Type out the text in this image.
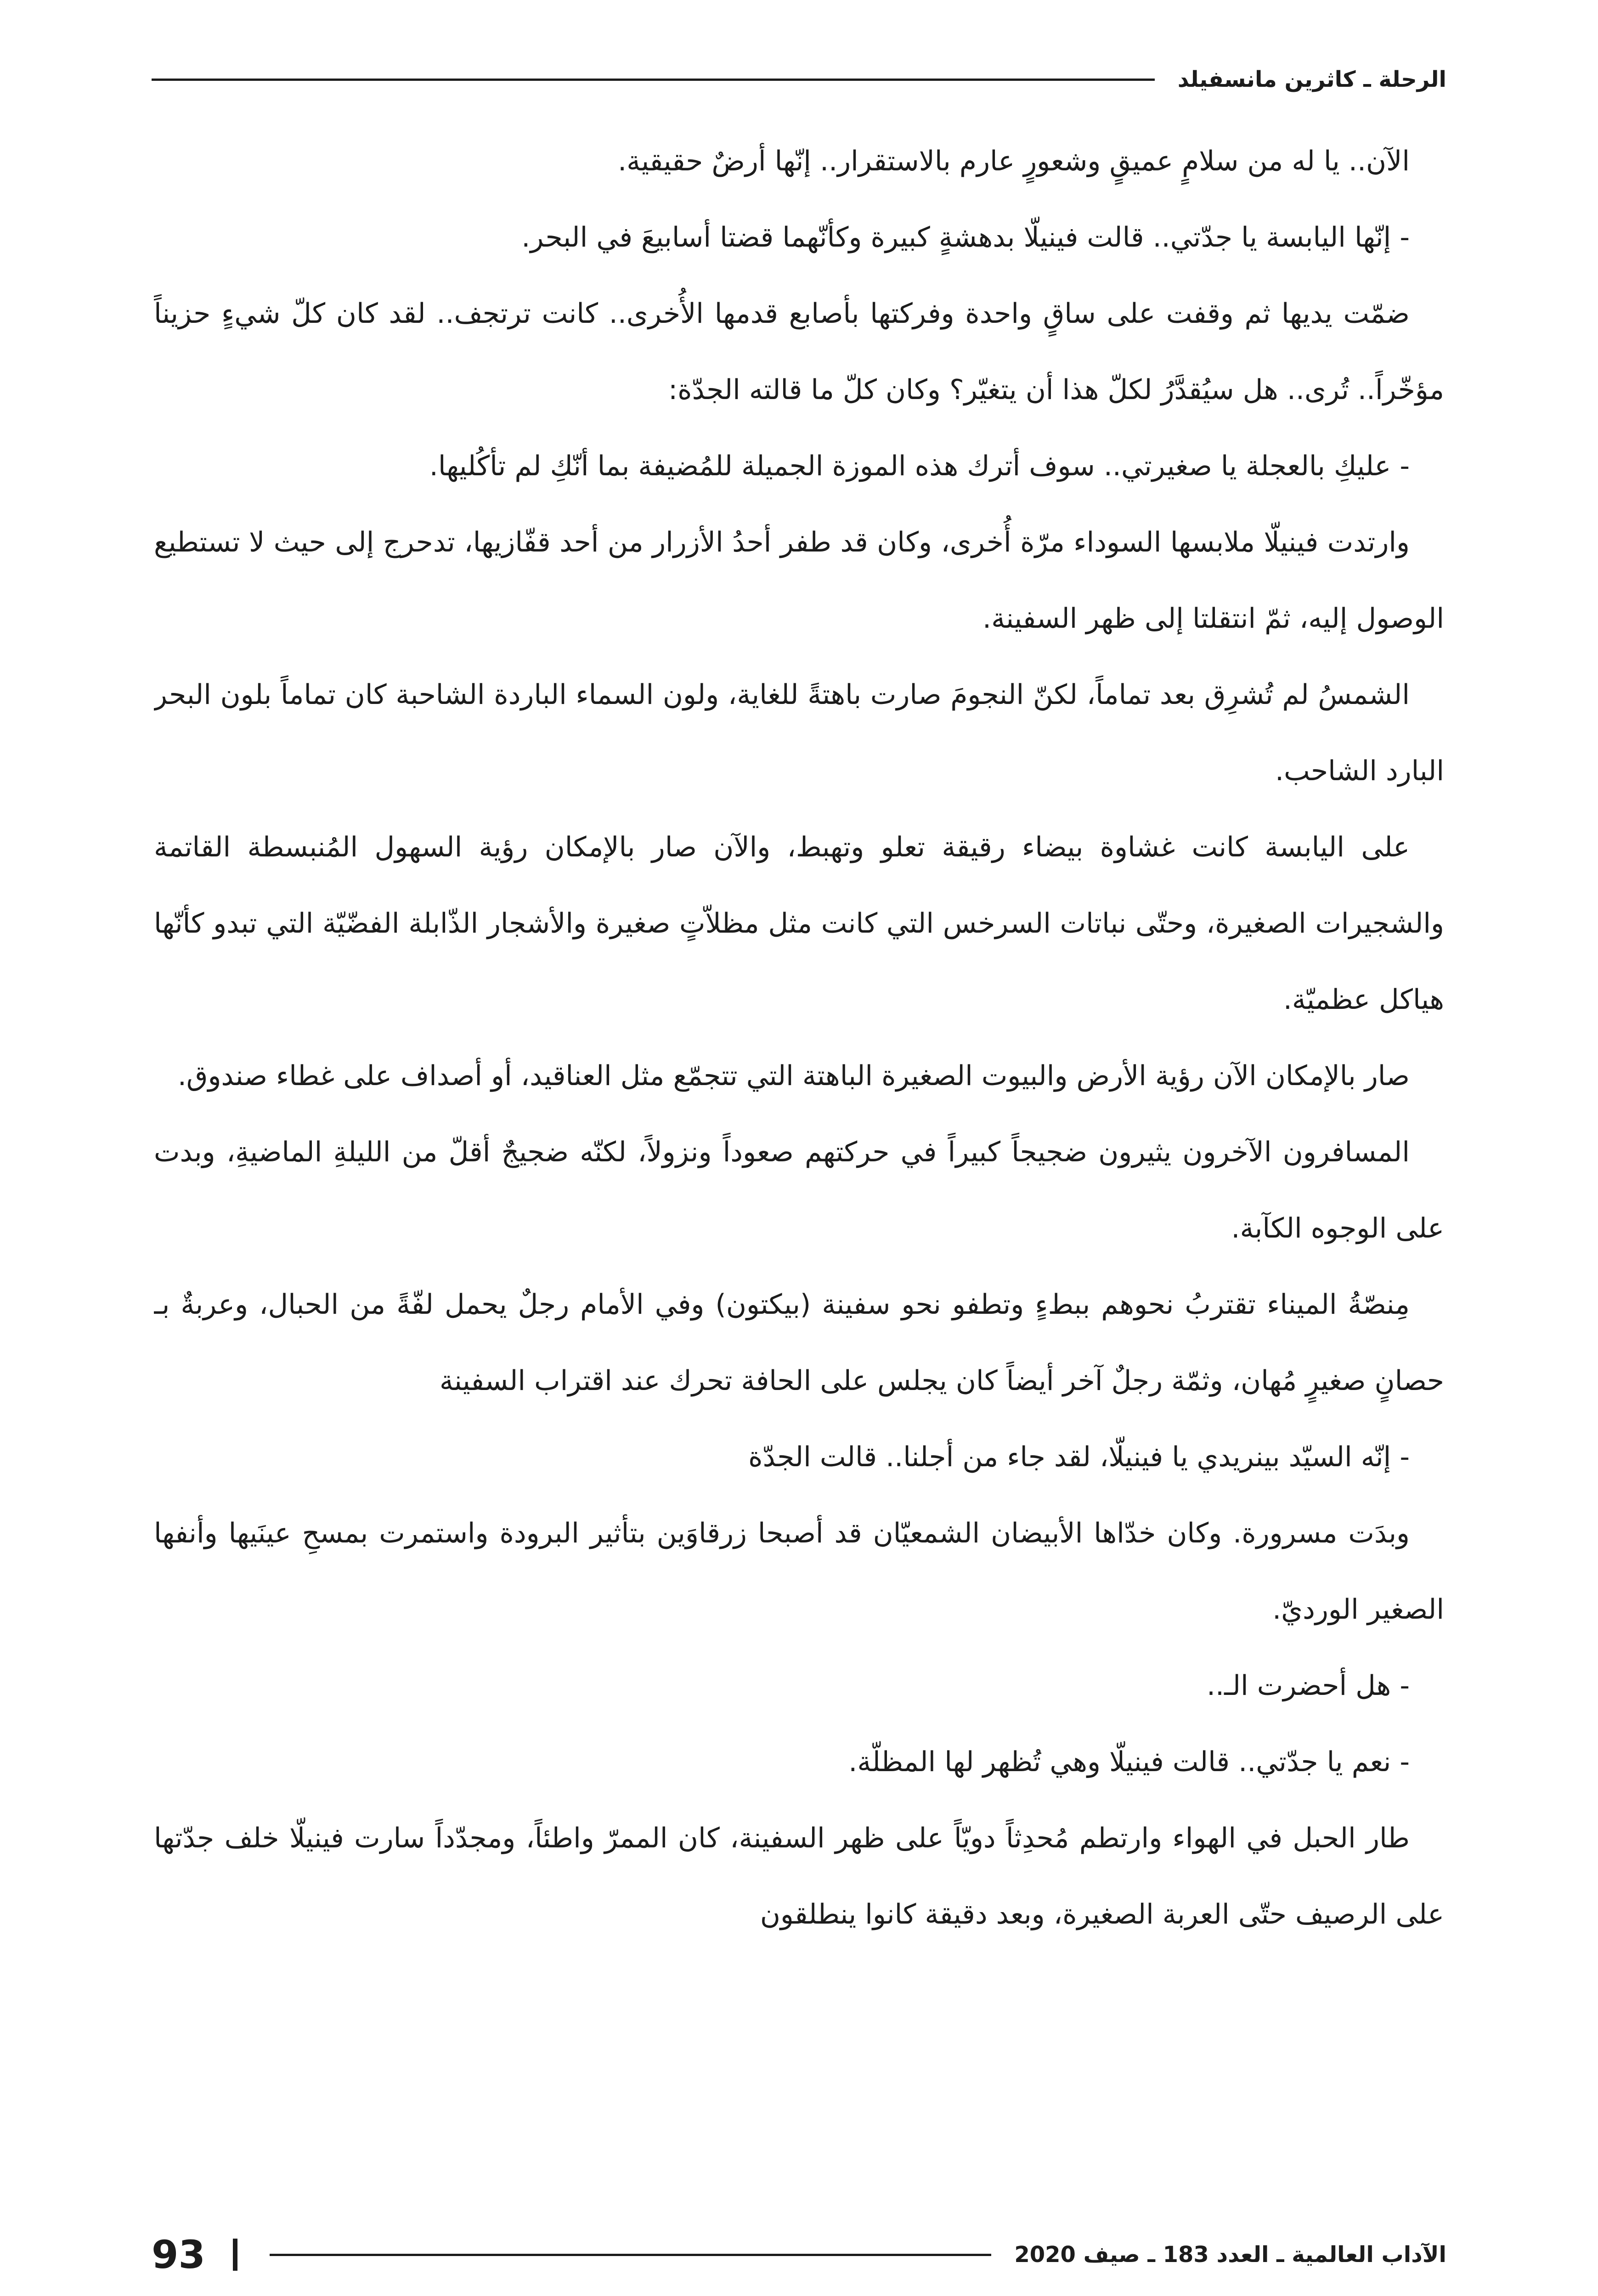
الرحلة ـ كاثرين مانسفيلد

الآن.. يا له من سلامٍ عميقٍ وشعورٍ عارم بالاستقرار.. إنّها أرضٌ حقيقية.

- إنّها اليابسة يا جدّتي.. قالت فينيلّا بدهشةٍ كبيرة وكأنّهما قضتا أسابيعَ في البحر.

ضمّت يديها ثم وقفت على ساقٍ واحدة وفركتها بأصابع قدمها الأُخرى.. كانت ترتجف.. لقد كان كلّ شيءٍ حزيناً مؤخّراً.. تُرى.. هل سيُقدَّرُ لكلّ هذا أن يتغيّر؟ وكان كلّ ما قالته الجدّة:

- عليكِ بالعجلة يا صغيرتي.. سوف أترك هذه الموزة الجميلة للمُضيفة بما أنّكِ لم تأكُليها.

وارتدت فينيلّا ملابسها السوداء مرّة أُخرى، وكان قد طفر أحدُ الأزرار من أحد قفّازيها، تدحرج إلى حيث لا تستطيع الوصول إليه، ثمّ انتقلتا إلى ظهر السفينة.

الشمسُ لم تُشرِق بعد تماماً، لكنّ النجومَ صارت باهتةً للغاية، ولون السماء الباردة الشاحبة كان تماماً بلون البحر البارد الشاحب.

على اليابسة كانت غشاوة بيضاء رقيقة تعلو وتهبط، والآن صار بالإمكان رؤية السهول المُنبسطة القاتمة والشجيرات الصغيرة، وحتّى نباتات السرخس التي كانت مثل مظلاّتٍ صغيرة والأشجار الذّابلة الفضّيّة التي تبدو كأنّها هياكل عظميّة.

صار بالإمكان الآن رؤية الأرض والبيوت الصغيرة الباهتة التي تتجمّع مثل العناقيد، أو أصداف على غطاء صندوق.

المسافرون الآخرون يثيرون ضجيجاً كبيراً في حركتهم صعوداً ونزولاً، لكنّه ضجيجٌ أقلّ من الليلةِ الماضيةِ، وبدت على الوجوه الكآبة.

مِنصّةُ الميناء تقتربُ نحوهم ببطءٍ وتطفو نحو سفينة (بيكتون) وفي الأمام رجلٌ يحمل لفّةً من الحبال، وعربةٌ بـ حصانٍ صغيرٍ مُهان، وثمّة رجلٌ آخر أيضاً كان يجلس على الحافة تحرك عند اقتراب السفينة

- إنّه السيّد بينريدي يا فينيلّا، لقد جاء من أجلنا.. قالت الجدّة

وبدَت مسرورة. وكان خدّاها الأبيضان الشمعيّان قد أصبحا زرقاوَين بتأثير البرودة واستمرت بمسحِ عينَيها وأنفها الصغير الورديّ.

- هل أحضرت الـ..

- نعم يا جدّتي.. قالت فينيلّا وهي تُظهر لها المظلّة.

طار الحبل في الهواء وارتطم مُحدِثاً دويّاً على ظهر السفينة، كان الممرّ واطئاً، ومجدّداً سارت فينيلّا خلف جدّتها على الرصيف حتّى العربة الصغيرة، وبعد دقيقة كانوا ينطلقون

الآداب العالمية ـ العدد 183 ـ صيف 2020
93
